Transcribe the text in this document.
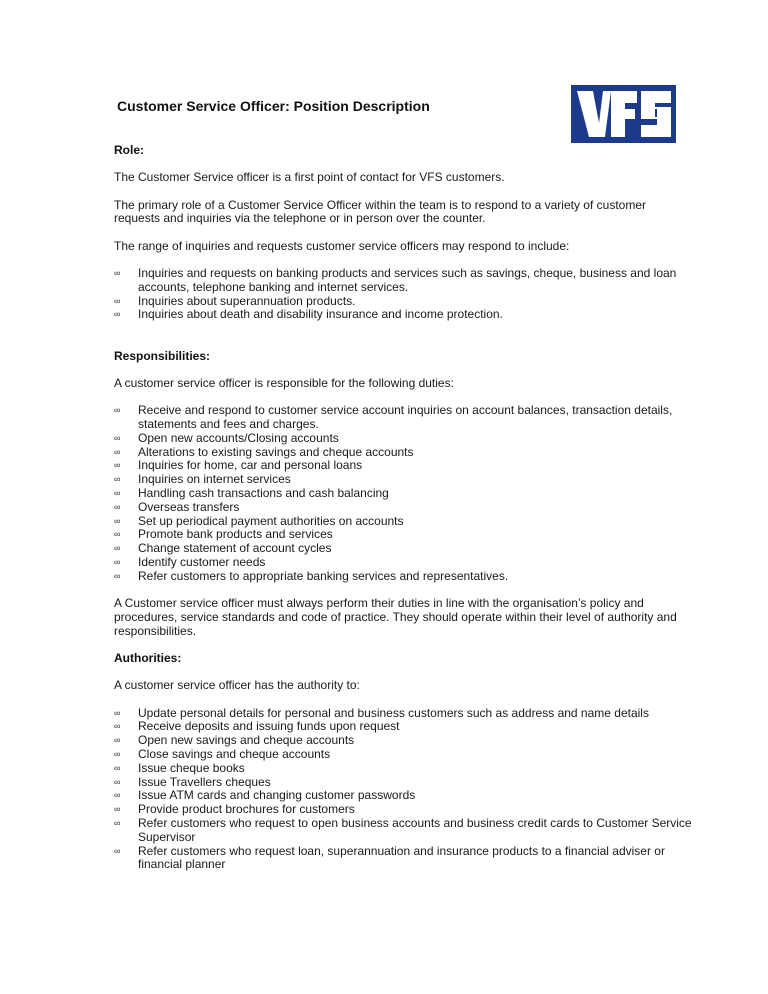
Customer Service Officer: Position Description
Role:

The Customer Service officer is a first point of contact for VFS customers.

The primary role of a Customer Service Officer within the team is to respond to a variety of customer requests and inquiries via the telephone or in person over the counter.

The range of inquiries and requests customer service officers may respond to include:

∞ Inquiries and requests on banking products and services such as savings, cheque, business and loan accounts, telephone banking and internet services.
∞ Inquiries about superannuation products.
∞ Inquiries about death and disability insurance and income protection.
Responsibilities:

A customer service officer is responsible for the following duties:

∞ Receive and respond to customer service account inquiries on account balances, transaction details, statements and fees and charges.
∞ Open new accounts/Closing accounts
∞ Alterations to existing savings and cheque accounts
∞ Inquiries for home, car and personal loans
∞ Inquiries on internet services
∞ Handling cash transactions and cash balancing
∞ Overseas transfers
∞ Set up periodical payment authorities on accounts
∞ Promote bank products and services
∞ Change statement of account cycles
∞ Identify customer needs
∞ Refer customers to appropriate banking services and representatives.

A Customer service officer must always perform their duties in line with the organisation’s policy and procedures, service standards and code of practice. They should operate within their level of authority and responsibilities.

Authorities:

A customer service officer has the authority to:

∞ Update personal details for personal and business customers such as address and name details
∞ Receive deposits and issuing funds upon request
∞ Open new savings and cheque accounts
∞ Close savings and cheque accounts
∞ Issue cheque books
∞ Issue Travellers cheques
∞ Issue ATM cards and changing customer passwords
∞ Provide product brochures for customers
∞ Refer customers who request to open business accounts and business credit cards to Customer Service Supervisor
∞ Refer customers who request loan, superannuation and insurance products to a financial adviser or financial planner
